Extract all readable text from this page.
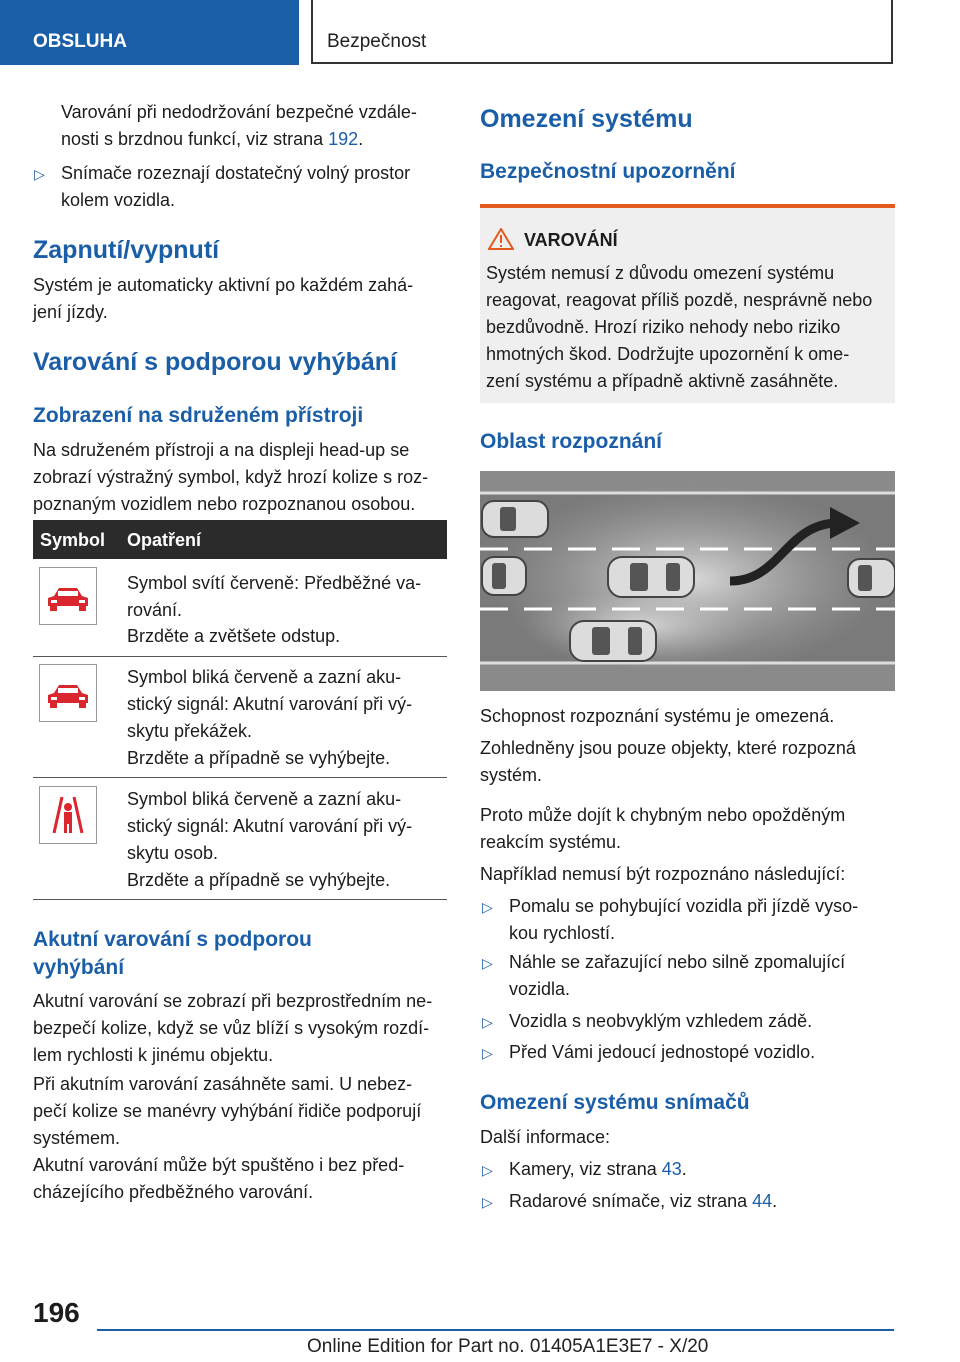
OBSLUHA	Bezpečnost

Varování při nedodržování bezpečné vzdále-
nosti s brzdnou funkcí, viz strana 192.

▷ Snímače rozeznají dostatečný volný prostor
kolem vozidla.

Zapnutí/vypnutí

Systém je automaticky aktivní po každém zahá-
jení jízdy.

Varování s podporou vyhýbání
Zobrazení na sdruženém přístroji

Na sdruženém přístroji a na displeji head-up se
zobrazí výstražný symbol, když hrozí kolize s roz-
poznaným vozidlem nebo rozpoznanou osobou.

Symbol Opatření

Symbol svítí červeně: Předběžné va-
rování.

Brzděte a zvětšete odstup.

Symbol bliká červeně a zazní aku-
stický signál: Akutní varování při vý-
skytu překážek.

Brzděte a případně se vyhýbejte.

Symbol bliká červeně a zazní aku-
stický signál: Akutní varování při vý-
skytu osob.

Brzděte a případně se vyhýbejte.

Akutní varování s podporou
vyhýbání

Akutní varování se zobrazí při bezprostředním ne-
bezpečí kolize, když se vůz blíží s vysokým rozdí-
lem rychlosti k jinému objektu.

Při akutním varování zasáhněte sami. U nebez-
pečí kolize se manévry vyhýbání řidiče podporují
systémem.

Akutní varování může být spuštěno i bez před-
cházejícího předběžného varování.

Omezení systému
Bezpečnostní upozornění
VAROVÁNÍ

Systém nemusí z důvodu omezení systému
reagovat, reagovat příliš pozdě, nesprávně nebo
bezdůvodně. Hrozí riziko nehody nebo riziko
hmotných škod. Dodržujte upozornění k ome-
zení systému a případně aktivně zasáhněte.

Oblast rozpoznání

Schopnost rozpoznání systému je omezená.

Zohledněny jsou pouze objekty, které rozpozná
systém.

Proto může dojít k chybným nebo opožděným
reakcím systému.

Například nemusí být rozpoznáno následující:

▷ Pomalu se pohybující vozidla při jízdě vyso-
kou rychlostí.

▷ Náhle se zařazující nebo silně zpomalující
vozidla.

▷ Vozidla s neobvyklým vzhledem zádě.

▷ Před Vámi jedoucí jednostopé vozidlo.

Omezení systému snímačů

Další informace:

▷ Kamery, viz strana 43.

▷ Radarové snímače, viz strana 44.

196
Online Edition for Part no. 01405A1E3E7 - X/20
